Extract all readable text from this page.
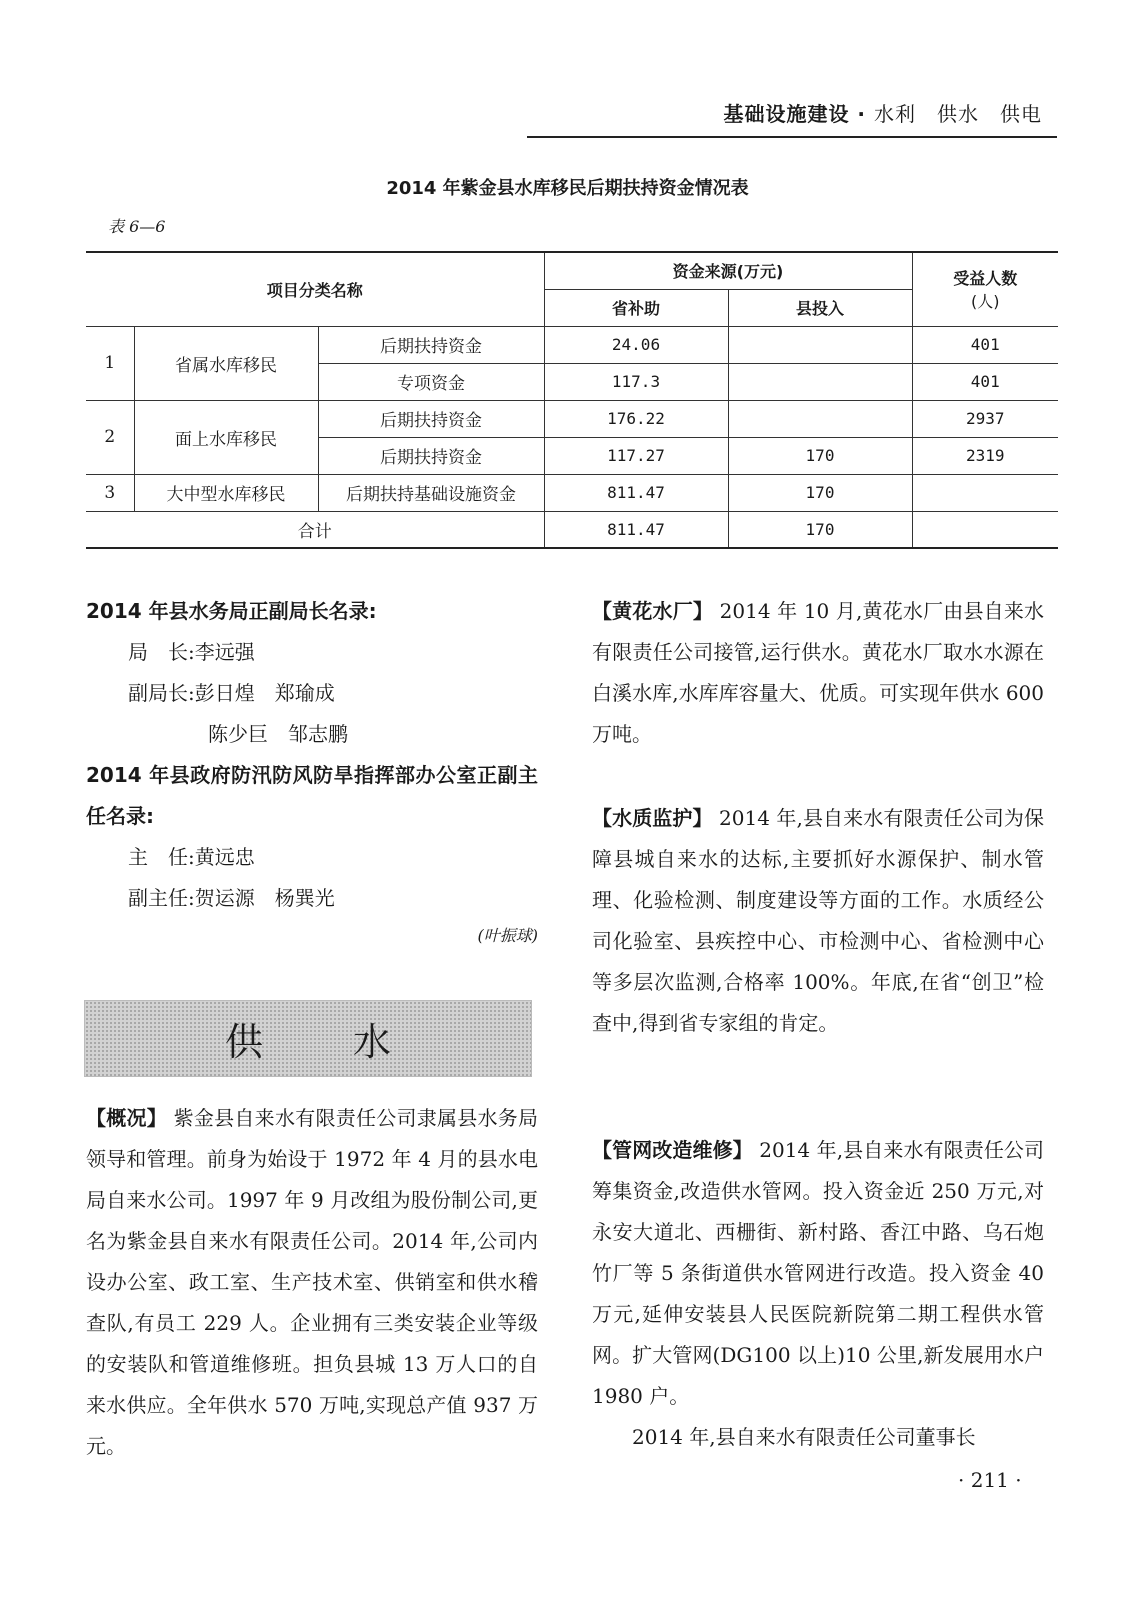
基础设施建设 · 水利　供水　供电
2014 年紫金县水库移民后期扶持资金情况表
表 6—6
项目分类名称			资金来源(万元)		受益人数
(人)

			省补助	县投入	
1	省属水库移民	后期扶持资金	24.06		401
		专项资金	117.3		401
2	面上水库移民	后期扶持资金	176.22		2937
		后期扶持资金	117.27	170	2319
3	大中型水库移民	后期扶持基础设施资金	811.47	170	
合计			811.47	170	

2014 年县水务局正副局长名录:

局　长:李远强

副局长:彭日煌　郑瑜成

陈少巨　邹志鹏

2014 年县政府防汛防风防旱指挥部办公室正副主任名录:

主　任:黄远忠

副主任:贺运源　杨巽光

(叶振球)

供水

【概况】 紫金县自来水有限责任公司隶属县水务局领导和管理。前身为始设于 1972 年 4 月的县水电局自来水公司。1997 年 9 月改组为股份制公司,更名为紫金县自来水有限责任公司。2014 年,公司内设办公室、政工室、生产技术室、供销室和供水稽查队,有员工 229 人。企业拥有三类安装企业等级的安装队和管道维修班。担负县城 13 万人口的自来水供应。全年供水 570 万吨,实现总产值 937 万元。

【黄花水厂】 2014 年 10 月,黄花水厂由县自来水有限责任公司接管,运行供水。黄花水厂取水水源在白溪水库,水库库容量大、优质。可实现年供水 600 万吨。

【水质监护】 2014 年,县自来水有限责任公司为保障县城自来水的达标,主要抓好水源保护、制水管理、化验检测、制度建设等方面的工作。水质经公司化验室、县疾控中心、市检测中心、省检测中心等多层次监测,合格率 100%。年底,在省“创卫”检查中,得到省专家组的肯定。

【管网改造维修】 2014 年,县自来水有限责任公司筹集资金,改造供水管网。投入资金近 250 万元,对永安大道北、西栅街、新村路、香江中路、乌石炮竹厂等 5 条街道供水管网进行改造。投入资金 40 万元,延伸安装县人民医院新院第二期工程供水管网。扩大管网(DG100 以上)10 公里,新发展用水户 1980 户。

2014 年,县自来水有限责任公司董事长

· 211 ·
